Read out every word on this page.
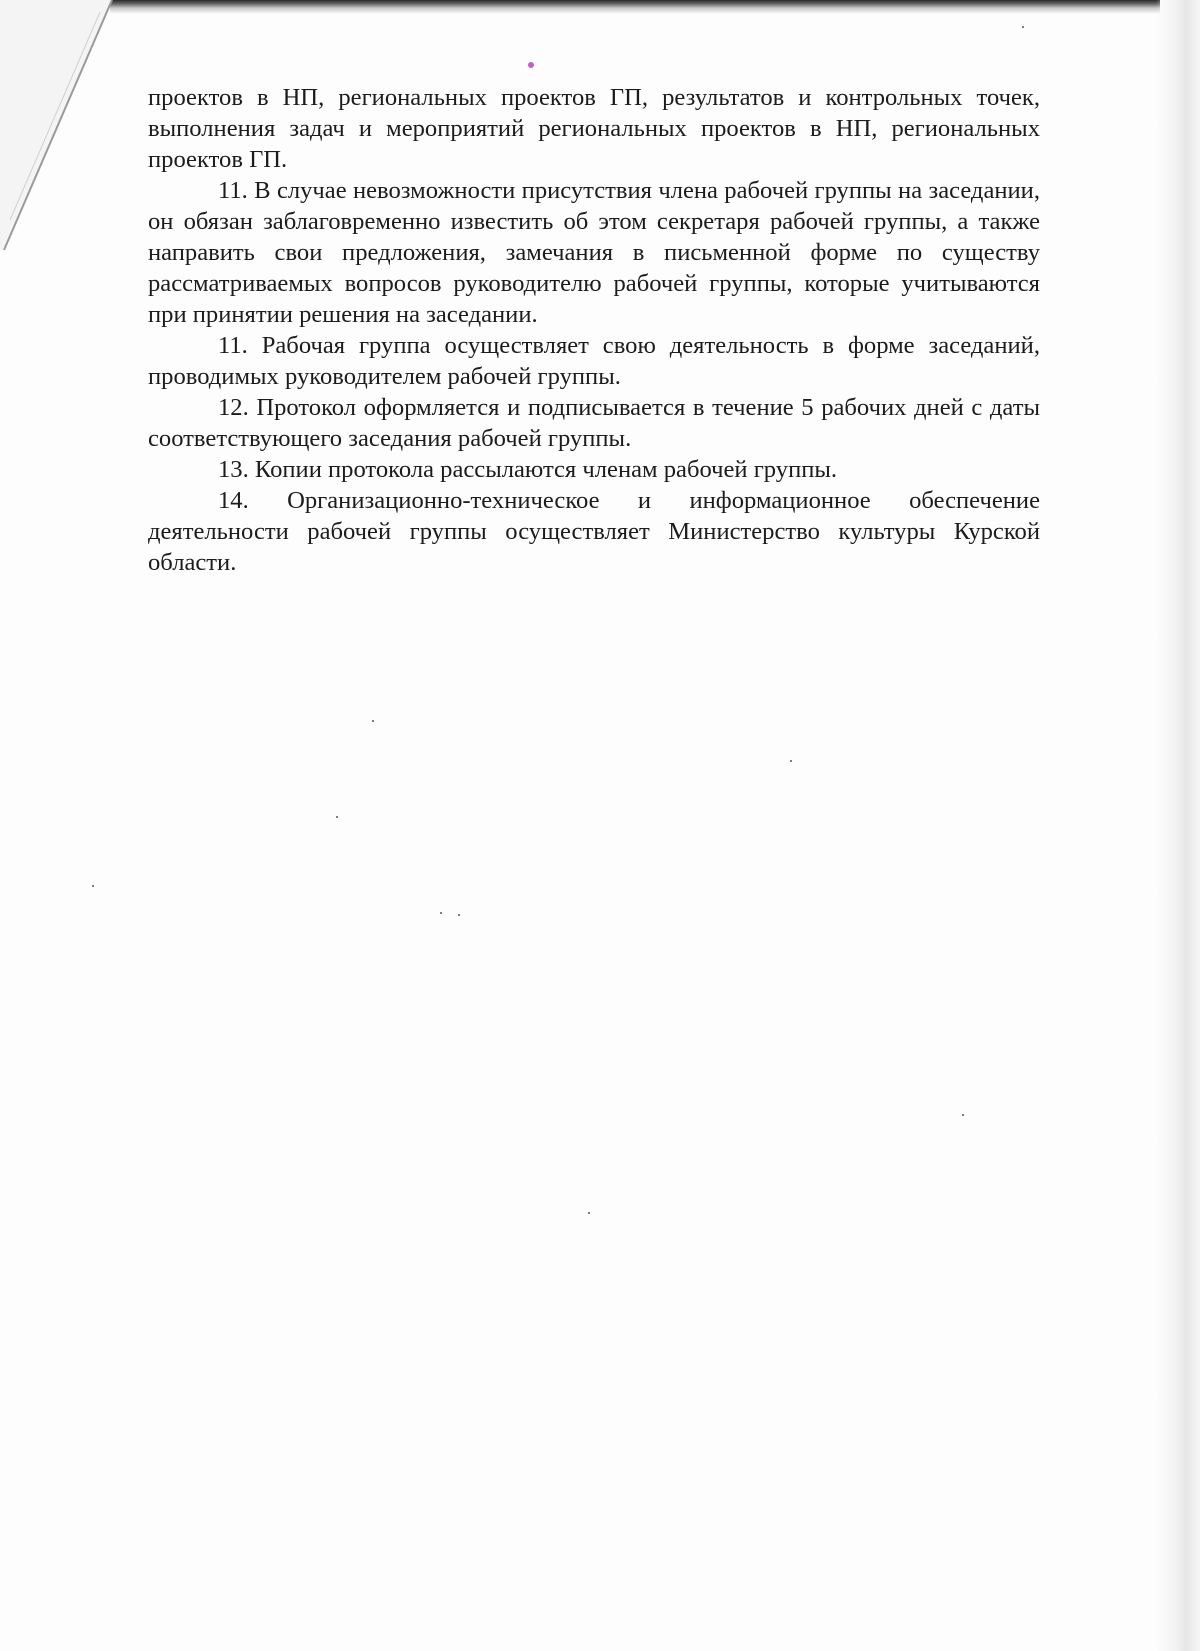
проектов в НП, региональных проектов ГП, результатов и контрольных точек, выполнения задач и мероприятий региональных проектов в НП, региональных проектов ГП.

11. В случае невозможности присутствия члена рабочей группы на заседании, он обязан заблаговременно известить об этом секретаря рабочей группы, а также направить свои предложения, замечания в письменной форме по существу рассматриваемых вопросов руководителю рабочей группы, которые учитываются при принятии решения на заседании.

11. Рабочая группа осуществляет свою деятельность в форме заседаний, проводимых руководителем рабочей группы.

12. Протокол оформляется и подписывается в течение 5 рабочих дней с даты соответствующего заседания рабочей группы.

13. Копии протокола рассылаются членам рабочей группы.

14. Организационно-техническое и информационное обеспечение деятельности рабочей группы осуществляет Министерство культуры Курской области.
